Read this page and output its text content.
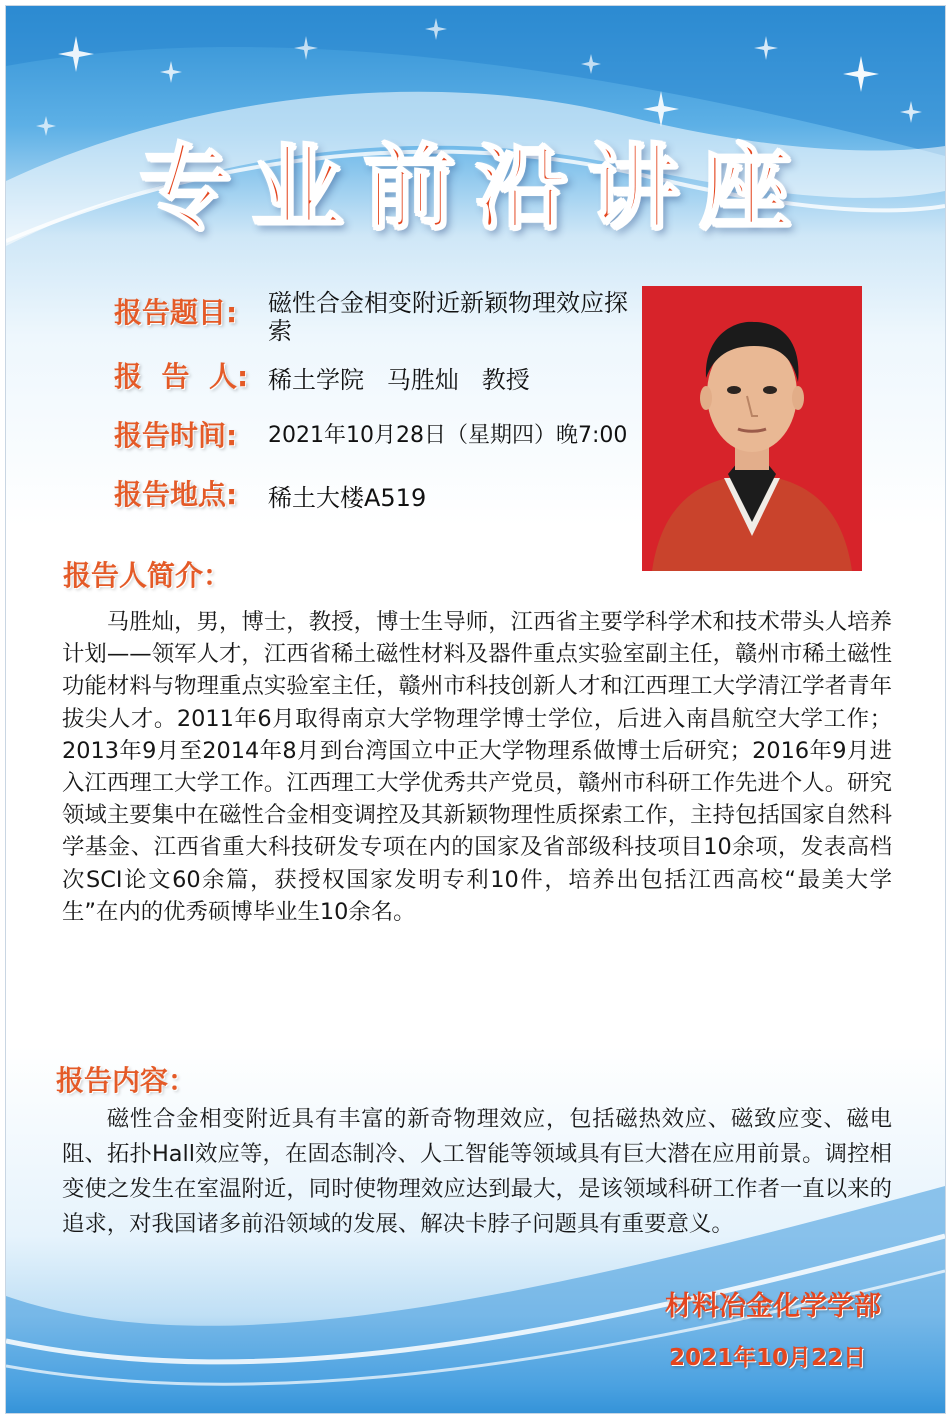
专业前沿讲座
报告题目:	磁性合金相变附近新颖物理效应探索
报  告  人: 稀土学院   马胜灿   教授
报告时间:	2021年10月28日（星期四）晚7:00
报告地点:	稀土大楼A519
报告人简介：
马胜灿，男，博士，教授，博士生导师，江西省主要学科学术和技术带头人培养计划——领军人才，江西省稀土磁性材料及器件重点实验室副主任，赣州市稀土磁性功能材料与物理重点实验室主任，赣州市科技创新人才和江西理工大学清江学者青年拔尖人才。2011年6月取得南京大学物理学博士学位，后进入南昌航空大学工作；2013年9月至2014年8月到台湾国立中正大学物理系做博士后研究；2016年9月进入江西理工大学工作。江西理工大学优秀共产党员，赣州市科研工作先进个人。研究领域主要集中在磁性合金相变调控及其新颖物理性质探索工作，主持包括国家自然科学基金、江西省重大科技研发专项在内的国家及省部级科技项目10余项，发表高档次SCI论文60余篇，获授权国家发明专利10件，培养出包括江西高校“最美大学生”在内的优秀硕博毕业生10余名。
报告内容：
磁性合金相变附近具有丰富的新奇物理效应，包括磁热效应、磁致应变、磁电阻、拓扑Hall效应等，在固态制冷、人工智能等领域具有巨大潜在应用前景。调控相变使之发生在室温附近，同时使物理效应达到最大，是该领域科研工作者一直以来的追求，对我国诸多前沿领域的发展、解决卡脖子问题具有重要意义。
材料冶金化学学部
2021年10月22日
